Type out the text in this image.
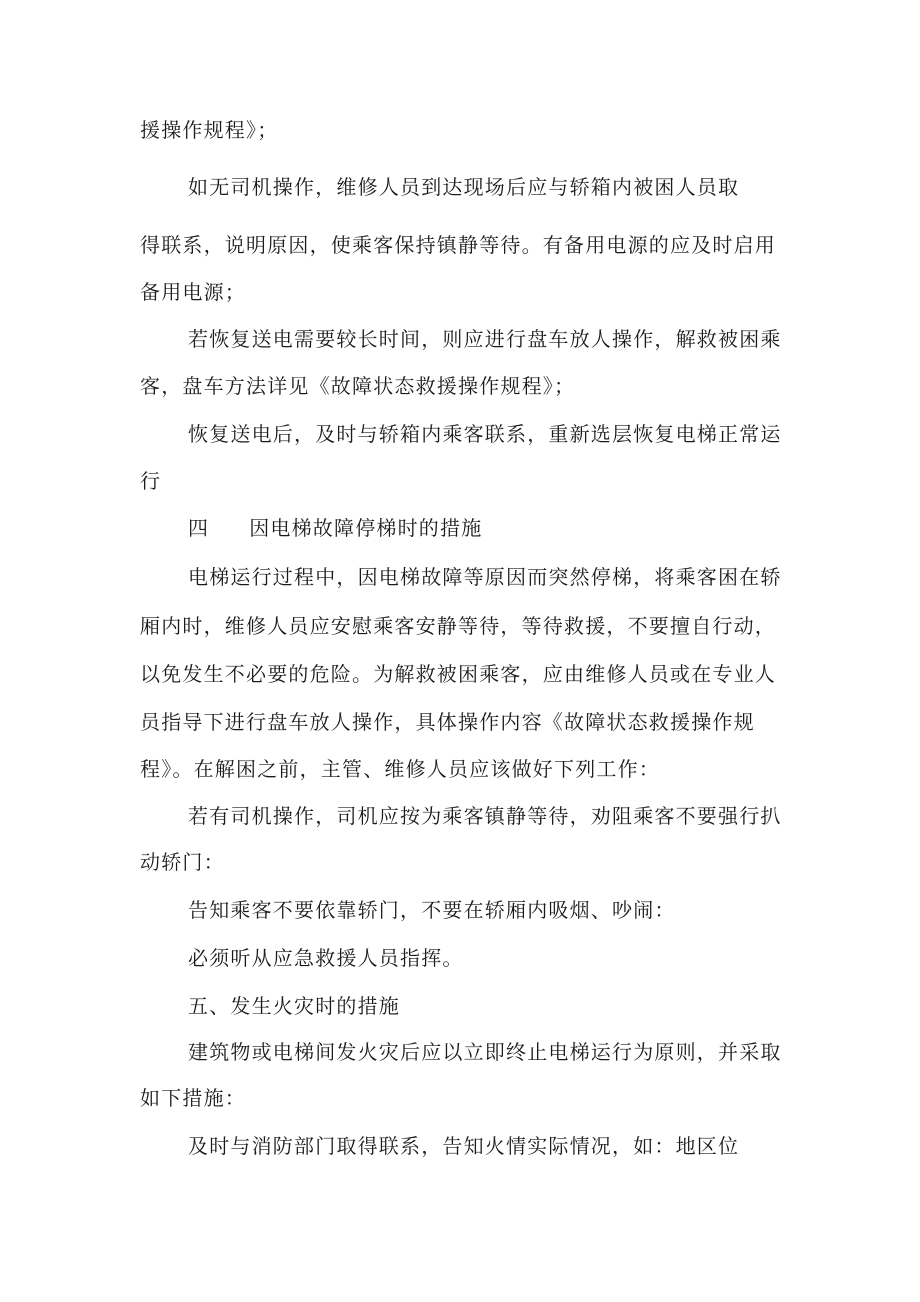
援操作规程》；
如无司机操作，维修人员到达现场后应与轿箱内被困人员取
得联系，说明原因，使乘客保持镇静等待。有备用电源的应及时启用
备用电源；
若恢复送电需要较长时间，则应进行盘车放人操作，解救被困乘
客，盘车方法详见《故障状态救援操作规程》；
恢复送电后，及时与轿箱内乘客联系，重新选层恢复电梯正常运
行
四 因电梯故障停梯时的措施
电梯运行过程中，因电梯故障等原因而突然停梯，将乘客困在轿
厢内时，维修人员应安慰乘客安静等待，等待救援，不要擅自行动，
以免发生不必要的危险。为解救被困乘客，应由维修人员或在专业人
员指导下进行盘车放人操作，具体操作内容《故障状态救援操作规
程》。在解困之前，主管、维修人员应该做好下列工作：
若有司机操作，司机应按为乘客镇静等待，劝阻乘客不要强行扒
动轿门：
告知乘客不要依靠轿门，不要在轿厢内吸烟、吵闹：
必须听从应急救援人员指挥。
五、发生火灾时的措施
建筑物或电梯间发火灾后应以立即终止电梯运行为原则，并采取
如下措施：
及时与消防部门取得联系，告知火情实际情况，如：地区位
